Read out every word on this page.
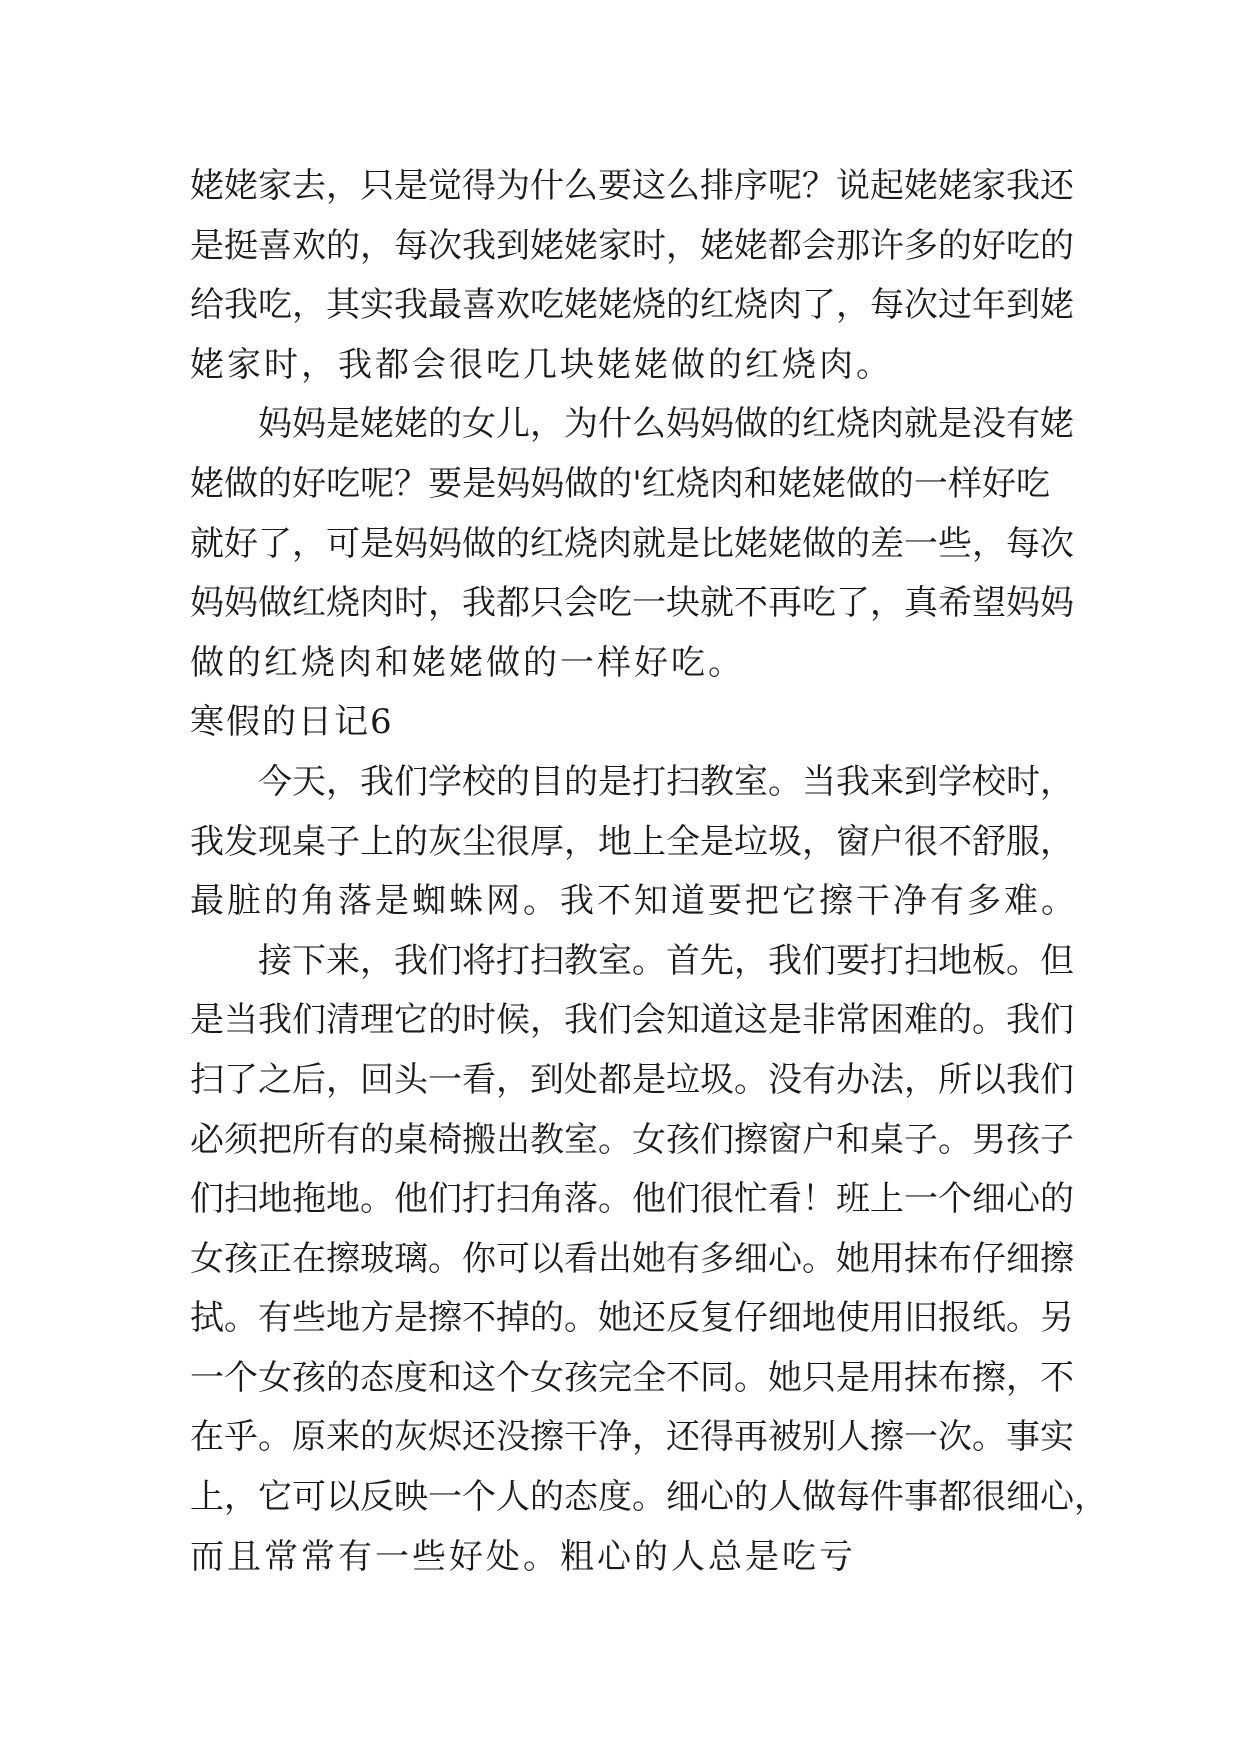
姥姥家去，只是觉得为什么要这么排序呢？说起姥姥家我还
是挺喜欢的，每次我到姥姥家时，姥姥都会那许多的好吃的
给我吃，其实我最喜欢吃姥姥烧的红烧肉了，每次过年到姥
姥家时，我都会很吃几块姥姥做的红烧肉。
妈妈是姥姥的女儿，为什么妈妈做的红烧肉就是没有姥
姥做的好吃呢？要是妈妈做的'红烧肉和姥姥做的一样好吃
就好了，可是妈妈做的红烧肉就是比姥姥做的差一些，每次
妈妈做红烧肉时，我都只会吃一块就不再吃了，真希望妈妈
做的红烧肉和姥姥做的一样好吃。
寒假的日记6
今天，我们学校的目的是打扫教室。当我来到学校时，
我发现桌子上的灰尘很厚，地上全是垃圾，窗户很不舒服，
最脏的角落是蜘蛛网。我不知道要把它擦干净有多难。
接下来，我们将打扫教室。首先，我们要打扫地板。但
是当我们清理它的时候，我们会知道这是非常困难的。我们
扫了之后，回头一看，到处都是垃圾。没有办法，所以我们
必须把所有的桌椅搬出教室。女孩们擦窗户和桌子。男孩子
们扫地拖地。他们打扫角落。他们很忙看！班上一个细心的
女孩正在擦玻璃。你可以看出她有多细心。她用抹布仔细擦
拭。有些地方是擦不掉的。她还反复仔细地使用旧报纸。另
一个女孩的态度和这个女孩完全不同。她只是用抹布擦，不
在乎。原来的灰烬还没擦干净，还得再被别人擦一次。事实
上，它可以反映一个人的态度。细心的人做每件事都很细心，
而且常常有一些好处。粗心的人总是吃亏
